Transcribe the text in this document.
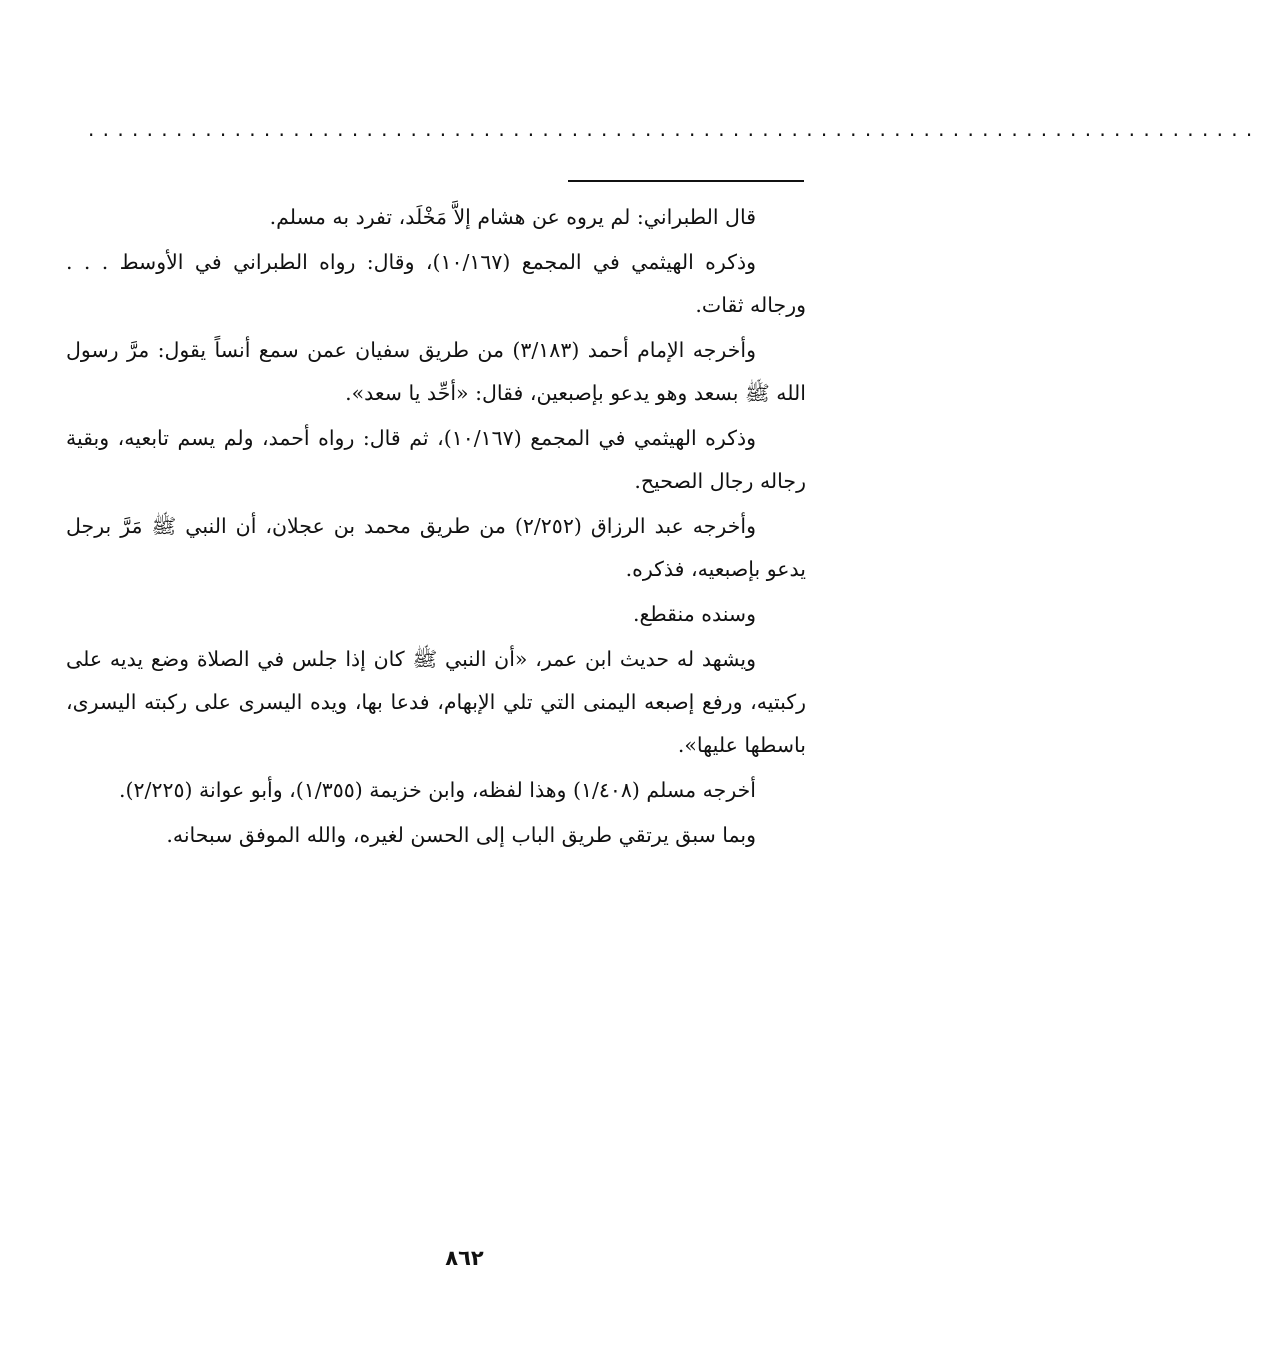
................................................................................

قال الطبراني: لم يروه عن هشام إلاَّ مَخْلَد، تفرد به مسلم.

وذكره الهيثمي في المجمع (١٠/١٦٧)، وقال: رواه الطبراني في الأوسط . . . ورجاله ثقات.

وأخرجه الإمام أحمد (٣/١٨٣) من طريق سفيان عمن سمع أنساً يقول: مرَّ رسول الله ﷺ بسعد وهو يدعو بإصبعين، فقال: «أحِّد يا سعد».

وذكره الهيثمي في المجمع (١٠/١٦٧)، ثم قال: رواه أحمد، ولم يسم تابعيه، وبقية رجاله رجال الصحيح.

وأخرجه عبد الرزاق (٢/٢٥٢) من طريق محمد بن عجلان، أن النبي ﷺ مَرَّ برجل يدعو بإصبعيه، فذكره.

وسنده منقطع.

ويشهد له حديث ابن عمر، «أن النبي ﷺ كان إذا جلس في الصلاة وضع يديه على ركبتيه، ورفع إصبعه اليمنى التي تلي الإبهام، فدعا بها، ويده اليسرى على ركبته اليسرى، باسطها عليها».

أخرجه مسلم (١/٤٠٨) وهذا لفظه، وابن خزيمة (١/٣٥٥)، وأبو عوانة (٢/٢٢٥).

وبما سبق يرتقي طريق الباب إلى الحسن لغيره، والله الموفق سبحانه.

٨٦٢
